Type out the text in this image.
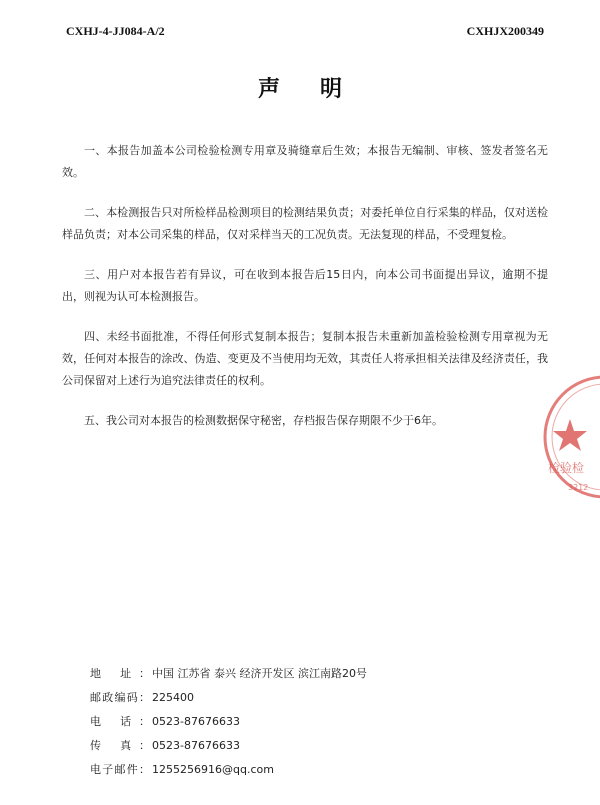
CXHJ-4-JJ084-A/2	CXHJX200349
声明

一、本报告加盖本公司检验检测专用章及骑缝章后生效；本报告无编制、审核、签发者签名无效。

二、本检测报告只对所检样品检测项目的检测结果负责；对委托单位自行采集的样品，仅对送检样品负责；对本公司采集的样品，仅对采样当天的工况负责。无法复现的样品，不受理复检。

三、用户对本报告若有异议，可在收到本报告后15日内，向本公司书面提出异议，逾期不提出，则视为认可本检测报告。

四、未经书面批准，不得任何形式复制本报告；复制本报告未重新加盖检验检测专用章视为无效，任何对本报告的涂改、伪造、变更及不当使用均无效，其责任人将承担相关法律及经济责任，我公司保留对上述行为追究法律责任的权利。

五、我公司对本报告的检测数据保守秘密，存档报告保存期限不少于6年。

地 址： 中国 江苏省 泰兴 经济开发区 滨江南路20号
邮政编码： 225400
电 话： 0523-87676633
传 真： 0523-87676633
电子邮件： 1255256916@qq.com
检验检
3212
